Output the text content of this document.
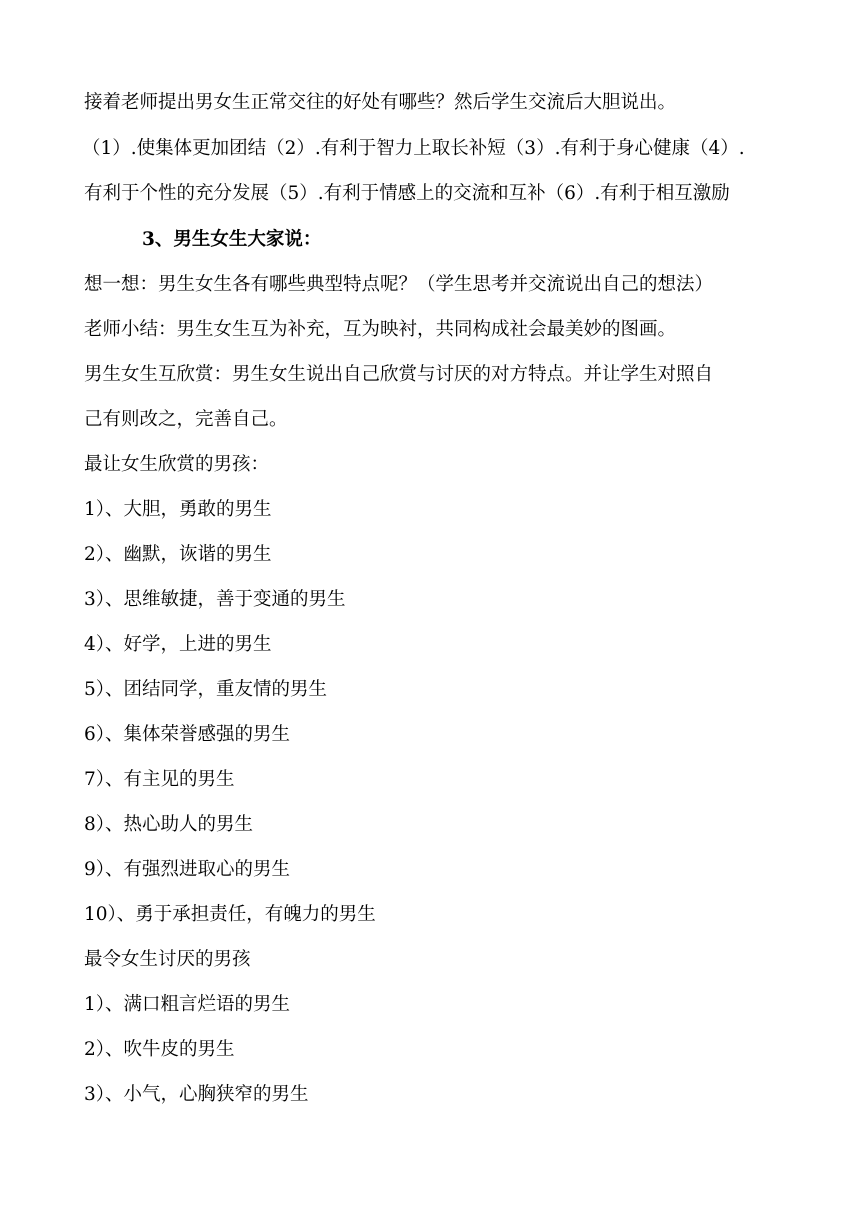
接着老师提出男女生正常交往的好处有哪些？然后学生交流后大胆说出。
（1）.使集体更加团结（2）.有利于智力上取长补短（3）.有利于身心健康（4）.
有利于个性的充分发展（5）.有利于情感上的交流和互补（6）.有利于相互激励
3、男生女生大家说：
想一想：男生女生各有哪些典型特点呢？（学生思考并交流说出自己的想法）
老师小结：男生女生互为补充，互为映衬，共同构成社会最美妙的图画。
男生女生互欣赏：男生女生说出自己欣赏与讨厌的对方特点。并让学生对照自
己有则改之，完善自己。
最让女生欣赏的男孩：
1）、大胆，勇敢的男生
2）、幽默，诙谐的男生
3）、思维敏捷，善于变通的男生
4）、好学，上进的男生
5）、团结同学，重友情的男生
6）、集体荣誉感强的男生
7）、有主见的男生
8）、热心助人的男生
9）、有强烈进取心的男生
10）、勇于承担责任，有魄力的男生
最令女生讨厌的男孩
1）、满口粗言烂语的男生
2）、吹牛皮的男生
3）、小气，心胸狭窄的男生
